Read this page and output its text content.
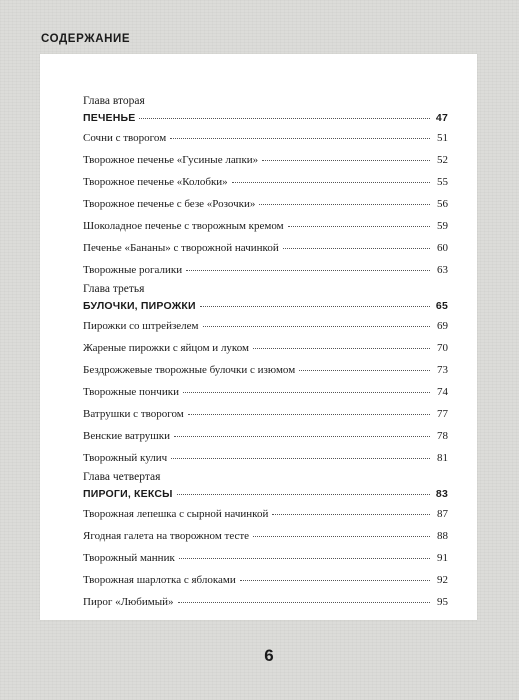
СОДЕРЖАНИЕ
Глава вторая
ПЕЧЕНЬЕ	47
Сочни с творогом	51
Творожное печенье «Гусиные лапки»	52
Творожное печенье «Колобки»	55
Творожное печенье с безе «Розочки»	56
Шоколадное печенье с творожным кремом	59
Печенье «Бананы» с творожной начинкой	60
Творожные рогалики	63
Глава третья
БУЛОЧКИ, ПИРОЖКИ	65
Пирожки со штрейзелем	69
Жареные пирожки с яйцом и луком	70
Бездрожжевые творожные булочки с изюмом	73
Творожные пончики	74
Ватрушки с творогом	77
Венские ватрушки	78
Творожный кулич	81
Глава четвертая
ПИРОГИ, КЕКСЫ	83
Творожная лепешка с сырной начинкой	87
Ягодная галета на творожном тесте	88
Творожный манник	91
Творожная шарлотка с яблоками	92
Пирог «Любимый»	95
6
